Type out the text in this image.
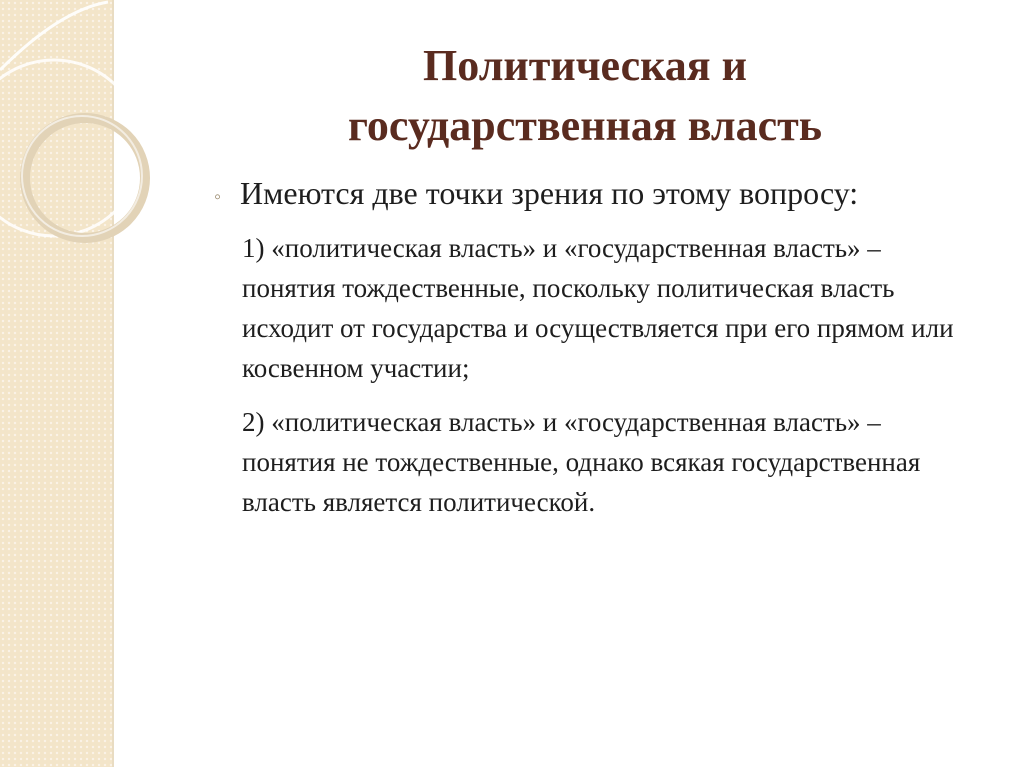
Политическая и
государственная власть
◦ Имеются две точки зрения по этому вопросу:
1) «политическая власть» и «государственная власть» – понятия тождественные, поскольку политическая власть исходит от государства и осуществляется при его прямом или косвенном участии;
2) «политическая власть» и «государственная власть» – понятия не тождественные, однако всякая государственная власть является политической.
